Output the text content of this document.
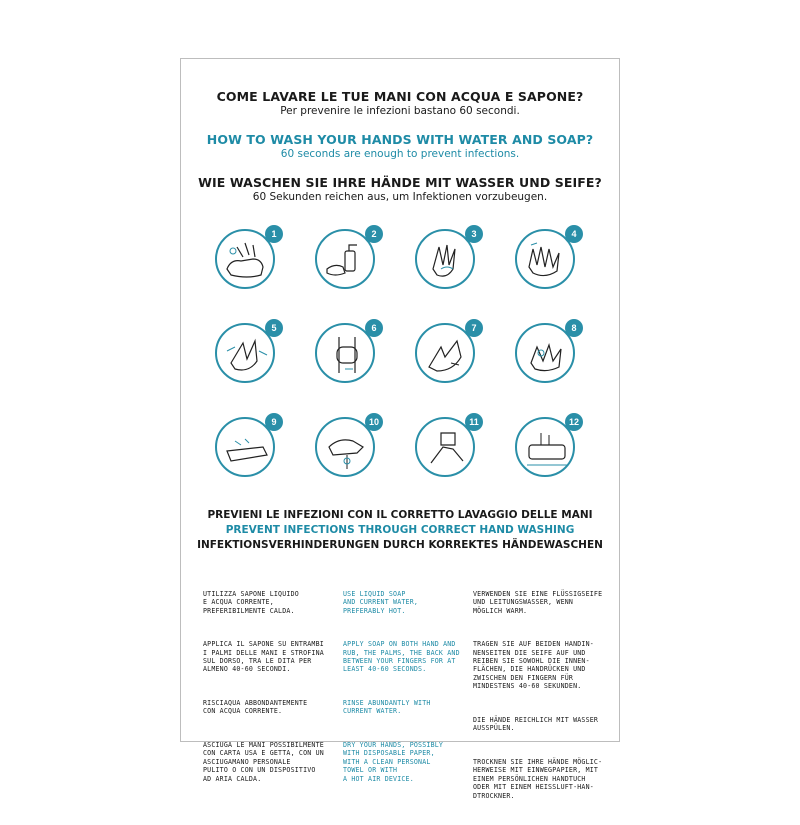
COME LAVARE LE TUE MANI CON ACQUA E SAPONE?
Per prevenire le infezioni bastano 60 secondi.
HOW TO WASH YOUR HANDS WITH WATER AND SOAP?
60 seconds are enough to prevent infections.
WIE WASCHEN SIE IHRE HÄNDE MIT WASSER UND SEIFE?
60 Sekunden reichen aus, um Infektionen vorzubeugen.
1	2	3	4
5	6	7	8
9	10	11	12
PREVIENI LE INFEZIONI CON IL CORRETTO LAVAGGIO DELLE MANI
PREVENT INFECTIONS THROUGH CORRECT HAND WASHING
INFEKTIONSVERHINDERUNGEN DURCH KORREKTES HÄNDEWASCHEN

UTILIZZA SAPONE LIQUIDO
E ACQUA CORRENTE,
PREFERIBILMENTE CALDA.

APPLICA IL SAPONE SU ENTRAMBI
I PALMI DELLE MANI E STROFINA
SUL DORSO, TRA LE DITA PER
ALMENO 40-60 SECONDI.

RISCIAQUA ABBONDANTEMENTE
CON ACQUA CORRENTE.

ASCIUGA LE MANI POSSIBILMENTE
CON CARTA USA E GETTA, CON UN
ASCIUGAMANO PERSONALE
PULITO O CON UN DISPOSITIVO
AD ARIA CALDA.

USE LIQUID SOAP
AND CURRENT WATER,
PREFERABLY HOT.

APPLY SOAP ON BOTH HAND AND
RUB, THE PALMS, THE BACK AND
BETWEEN YOUR FINGERS FOR AT
LEAST 40-60 SECONDS.

RINSE ABUNDANTLY WITH
CURRENT WATER.

DRY YOUR HANDS, POSSIBLY
WITH DISPOSABLE PAPER,
WITH A CLEAN PERSONAL
TOWEL OR WITH
A HOT AIR DEVICE.

VERWENDEN SIE EINE FLÜSSIGSEIFE
UND LEITUNGSWASSER, WENN
MÖGLICH WARM.

TRAGEN SIE AUF BEIDEN HANDIN-
NENSEITEN DIE SEIFE AUF UND
REIBEN SIE SOWOHL DIE INNEN-
FLÄCHEN, DIE HANDRÜCKEN UND
ZWISCHEN DEN FINGERN FÜR
MINDESTENS 40-60 SEKUNDEN.

DIE HÄNDE REICHLICH MIT WASSER
AUSSPÜLEN.

TROCKNEN SIE IHRE HÄNDE MÖGLIC-
HERWEISE MIT EINWEGPAPIER, MIT
EINEM PERSÖNLICHEN HANDTUCH
ODER MIT EINEM HEISSLUFT-HAN-
DTROCKNER.
